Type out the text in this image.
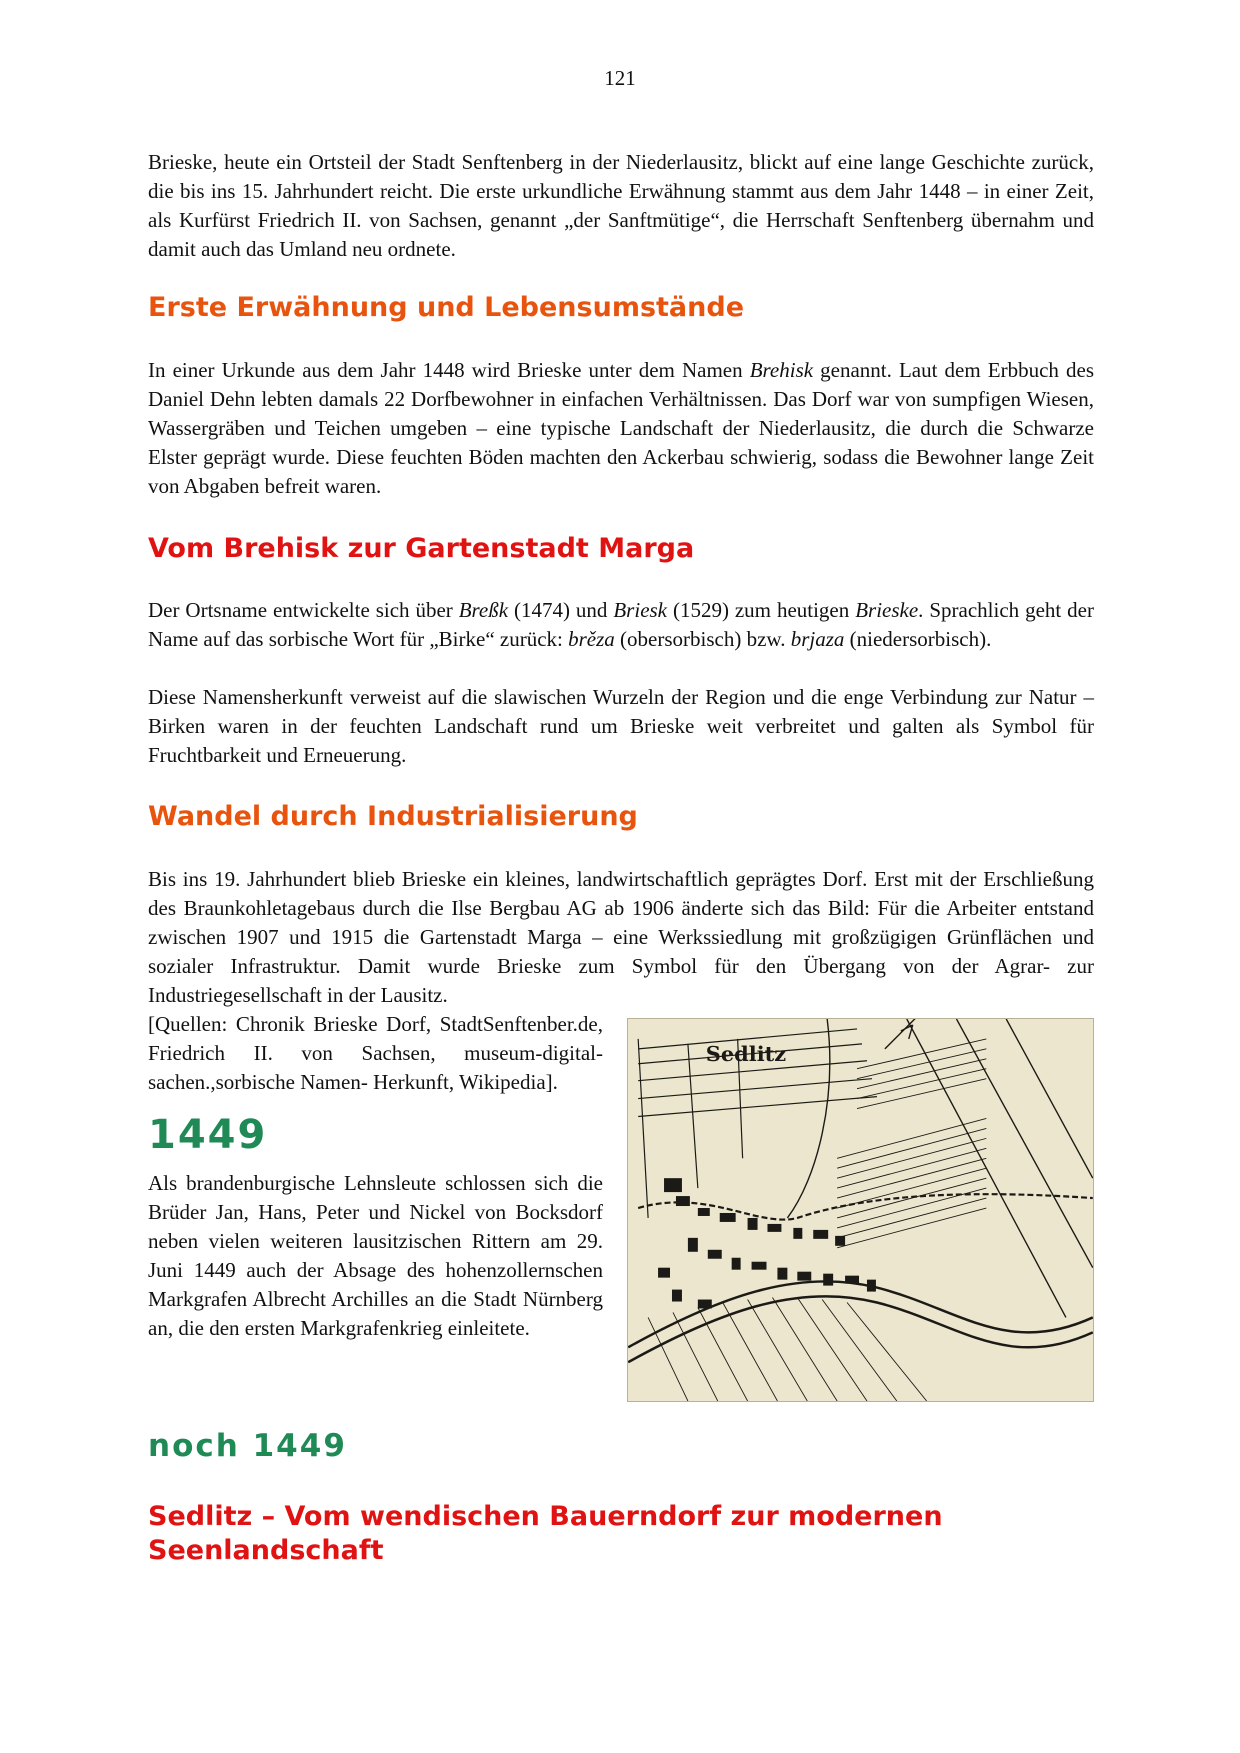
121

Brieske, heute ein Ortsteil der Stadt Senftenberg in der Niederlausitz, blickt auf eine lange Geschichte zurück, die bis ins 15. Jahrhundert reicht. Die erste urkundliche Erwähnung stammt aus dem Jahr 1448 – in einer Zeit, als Kurfürst Friedrich II. von Sachsen, genannt „der Sanftmütige“, die Herrschaft Senftenberg übernahm und damit auch das Umland neu ordnete.

Erste Erwähnung und Lebensumstände

In einer Urkunde aus dem Jahr 1448 wird Brieske unter dem Namen Brehisk genannt. Laut dem Erbbuch des Daniel Dehn lebten damals 22 Dorfbewohner in einfachen Verhältnissen. Das Dorf war von sumpfigen Wiesen, Wassergräben und Teichen umgeben – eine typische Landschaft der Niederlausitz, die durch die Schwarze Elster geprägt wurde. Diese feuchten Böden machten den Ackerbau schwierig, sodass die Bewohner lange Zeit von Abgaben befreit waren.

Vom Brehisk zur Gartenstadt Marga

Der Ortsname entwickelte sich über Breßk (1474) und Briesk (1529) zum heutigen Brieske. Sprachlich geht der Name auf das sorbische Wort für „Birke“ zurück: brěza (obersorbisch) bzw. brjaza (niedersorbisch).

Diese Namensherkunft verweist auf die slawischen Wurzeln der Region und die enge Verbindung zur Natur – Birken waren in der feuchten Landschaft rund um Brieske weit verbreitet und galten als Symbol für Fruchtbarkeit und Erneuerung.

Wandel durch Industrialisierung

Bis ins 19. Jahrhundert blieb Brieske ein kleines, landwirtschaftlich geprägtes Dorf. Erst mit der Erschließung des Braunkohletagebaus durch die Ilse Bergbau AG ab 1906 änderte sich das Bild: Für die Arbeiter entstand zwischen 1907 und 1915 die Gartenstadt Marga – eine Werkssiedlung mit großzügigen Grünflächen und sozialer Infrastruktur. Damit wurde Brieske zum Symbol für den Übergang von der Agrar- zur Industriegesellschaft in der Lausitz.

Sedlitz

[Quellen: Chronik Brieske Dorf, StadtSenftenber.de, Friedrich II. von Sachsen, museum-digital-sachen.,sorbische Namen- Herkunft, Wikipedia].

1449

Als brandenburgische Lehnsleute schlossen sich die Brüder Jan, Hans, Peter und Nickel von Bocksdorf neben vielen weiteren lausitzischen Rittern am 29. Juni 1449 auch der Absage des hohenzollernschen Markgrafen Albrecht Archilles an die Stadt Nürnberg an, die den ersten Markgrafenkrieg einleitete.

noch 1449
Sedlitz – Vom wendischen Bauerndorf zur modernen Seenlandschaft
